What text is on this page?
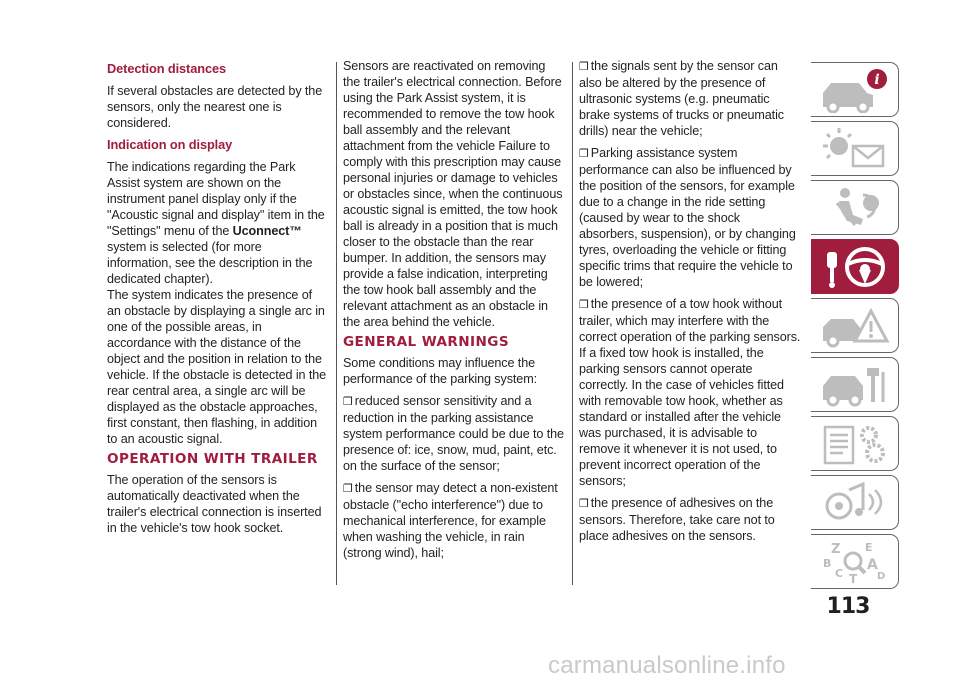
Detection distances

If several obstacles are detected by the sensors, only the nearest one is considered.

Indication on display

The indications regarding the Park Assist system are shown on the instrument panel display only if the "Acoustic signal and display" item in the "Settings" menu of the Uconnect™ system is selected (for more information, see the description in the dedicated chapter).

The system indicates the presence of an obstacle by displaying a single arc in one of the possible areas, in accordance with the distance of the object and the position in relation to the vehicle. If the obstacle is detected in the rear central area, a single arc will be displayed as the obstacle approaches, first constant, then flashing, in addition to an acoustic signal.

OPERATION WITH TRAILER

The operation of the sensors is automatically deactivated when the trailer's electrical connection is inserted in the vehicle's tow hook socket.

Sensors are reactivated on removing the trailer's electrical connection. Before using the Park Assist system, it is recommended to remove the tow hook ball assembly and the relevant attachment from the vehicle Failure to comply with this prescription may cause personal injuries or damage to vehicles or obstacles since, when the continuous acoustic signal is emitted, the tow hook ball is already in a position that is much closer to the obstacle than the rear bumper. In addition, the sensors may provide a false indication, interpreting the tow hook ball assembly and the relevant attachment as an obstacle in the area behind the vehicle.

GENERAL WARNINGS

Some conditions may influence the performance of the parking system:

❒ reduced sensor sensitivity and a reduction in the parking assistance system performance could be due to the presence of: ice, snow, mud, paint, etc. on the surface of the sensor;
❒ the sensor may detect a non-existent obstacle ("echo interference") due to mechanical interference, for example when washing the vehicle, in rain (strong wind), hail;
❒ the signals sent by the sensor can also be altered by the presence of ultrasonic systems (e.g. pneumatic brake systems of trucks or pneumatic drills) near the vehicle;
❒ Parking assistance system performance can also be influenced by the position of the sensors, for example due to a change in the ride setting (caused by wear to the shock absorbers, suspension), or by changing tyres, overloading the vehicle or fitting specific trims that require the vehicle to be lowered;
❒ the presence of a tow hook without trailer, which may interfere with the correct operation of the parking sensors. If a fixed tow hook is installed, the parking sensors cannot operate correctly. In the case of vehicles fitted with removable tow hook, whether as standard or installed after the vehicle was purchased, it is advisable to remove it whenever it is not used, to prevent incorrect operation of the sensors;
❒ the presence of adhesives on the sensors. Therefore, take care not to place adhesives on the sensors.
i
Z E
B	A
C	D
T
113
carmanualsonline.info
